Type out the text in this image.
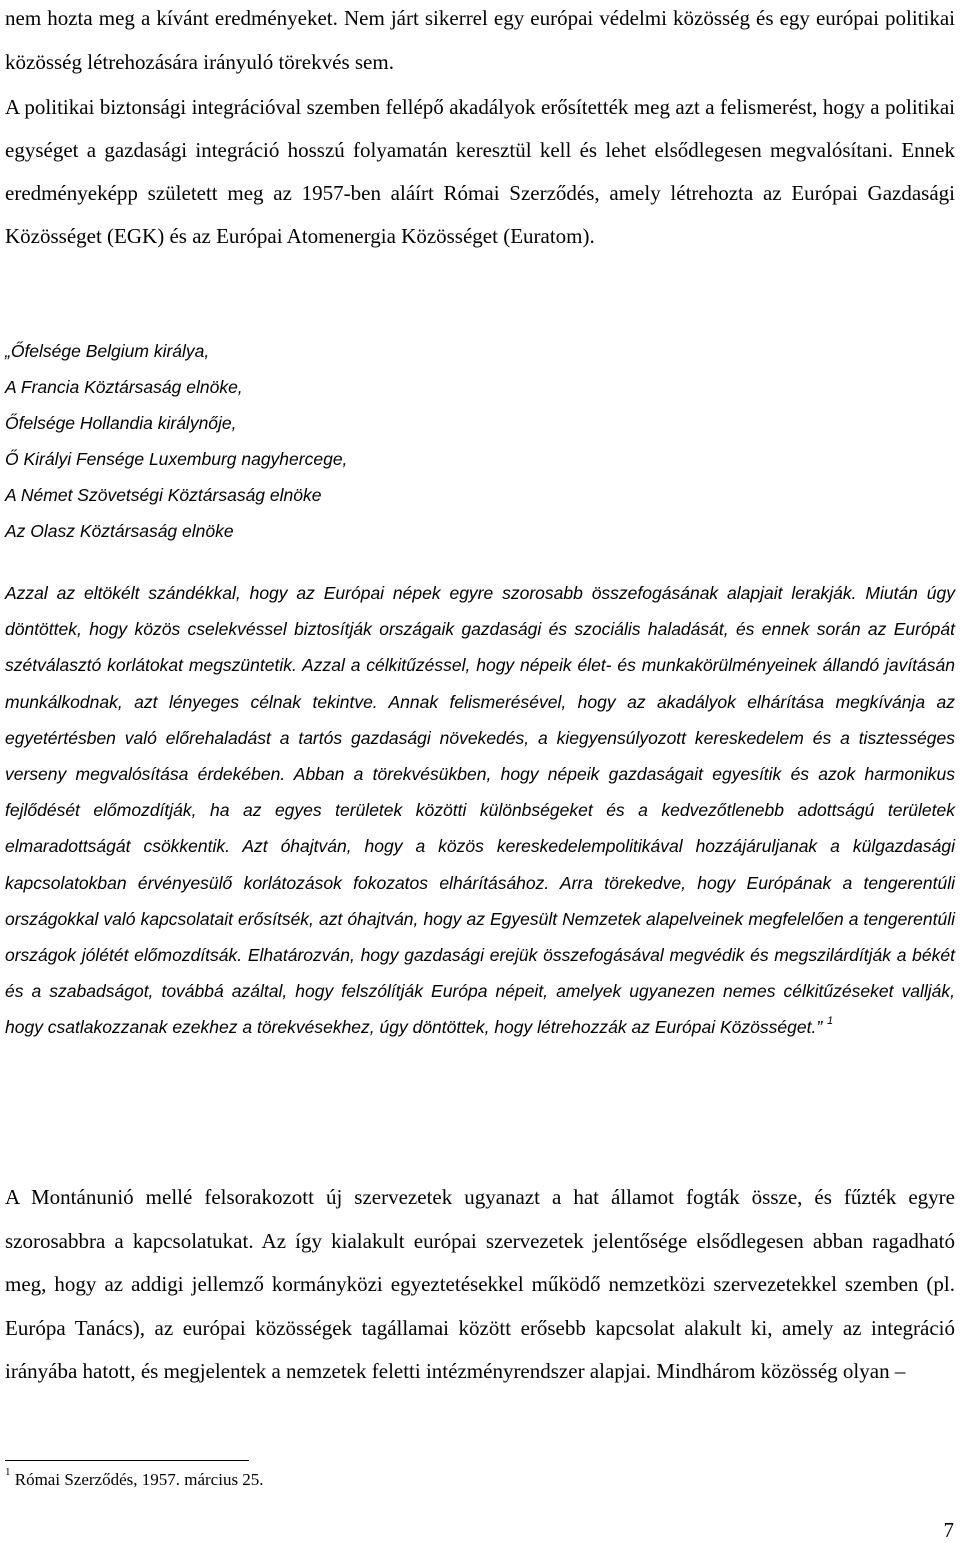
nem hozta meg a kívánt eredményeket. Nem járt sikerrel egy európai védelmi közösség és egy európai politikai közösség létrehozására irányuló törekvés sem.

A politikai biztonsági integrációval szemben fellépő akadályok erősítették meg azt a felismerést, hogy a politikai egységet a gazdasági integráció hosszú folyamatán keresztül kell és lehet elsődlegesen megvalósítani. Ennek eredményeképp született meg az 1957-ben aláírt Római Szerződés, amely létrehozta az Európai Gazdasági Közösséget (EGK) és az Európai Atomenergia Közösséget (Euratom).

„Őfelsége Belgium királya,
A Francia Köztársaság elnöke,
Őfelsége Hollandia királynője,
Ő Királyi Fensége Luxemburg nagyhercege,
A Német Szövetségi Köztársaság elnöke
Az Olasz Köztársaság elnöke

Azzal az eltökélt szándékkal, hogy az Európai népek egyre szorosabb összefogásának alapjait lerakják. Miután úgy döntöttek, hogy közös cselekvéssel biztosítják országaik gazdasági és szociális haladását, és ennek során az Európát szétválasztó korlátokat megszüntetik. Azzal a célkitűzéssel, hogy népeik élet- és munkakörülményeinek állandó javításán munkálkodnak, azt lényeges célnak tekintve. Annak felismerésével, hogy az akadályok elhárítása megkívánja az egyetértésben való előrehaladást a tartós gazdasági növekedés, a kiegyensúlyozott kereskedelem és a tisztességes verseny megvalósítása érdekében. Abban a törekvésükben, hogy népeik gazdaságait egyesítik és azok harmonikus fejlődését előmozdítják, ha az egyes területek közötti különbségeket és a kedvezőtlenebb adottságú területek elmaradottságát csökkentik. Azt óhajtván, hogy a közös kereskedelempolitikával hozzájáruljanak a külgazdasági kapcsolatokban érvényesülő korlátozások fokozatos elhárításához. Arra törekedve, hogy Európának a tengerentúli országokkal való kapcsolatait erősítsék, azt óhajtván, hogy az Egyesült Nemzetek alapelveinek megfelelően a tengerentúli országok jólétét előmozdítsák. Elhatározván, hogy gazdasági erejük összefogásával megvédik és megszilárdítják a békét és a szabadságot, továbbá azáltal, hogy felszólítják Európa népeit, amelyek ugyanezen nemes célkitűzéseket vallják, hogy csatlakozzanak ezekhez a törekvésekhez, úgy döntöttek, hogy létrehozzák az Európai Közösséget.” $^1$

A Montánunió mellé felsorakozott új szervezetek ugyanazt a hat államot fogták össze, és fűzték egyre szorosabbra a kapcsolatukat. Az így kialakult európai szervezetek jelentősége elsődlegesen abban ragadható meg, hogy az addigi jellemző kormányközi egyeztetésekkel működő nemzetközi szervezetekkel szemben (pl. Európa Tanács), az európai közösségek tagállamai között erősebb kapcsolat alakult ki, amely az integráció irányába hatott, és megjelentek a nemzetek feletti intézményrendszer alapjai. Mindhárom közösség olyan –

$^1$ Római Szerződés, 1957. március 25.
7
